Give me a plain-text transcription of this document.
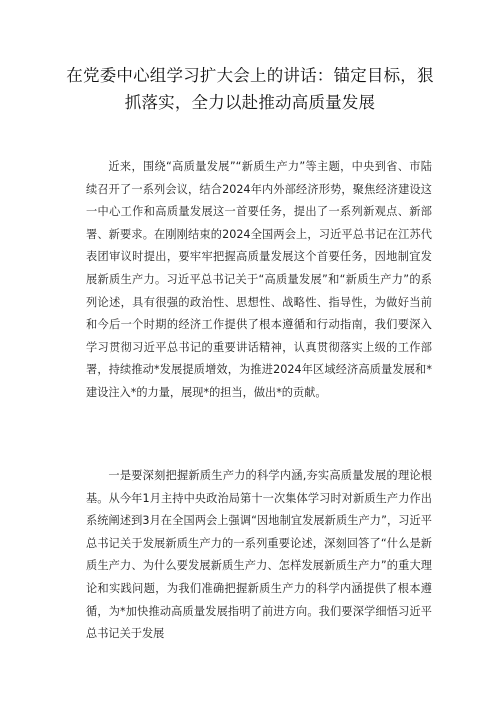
在党委中心组学习扩大会上的讲话：锚定目标，狠抓落实，全力以赴推动高质量发展

近来，围绕“高质量发展”“新质生产力”等主题，中央到省、市陆续召开了一系列会议，结合2024年内外部经济形势，聚焦经济建设这一中心工作和高质量发展这一首要任务，提出了一系列新观点、新部署、新要求。在刚刚结束的2024全国两会上，习近平总书记在江苏代表团审议时提出，要牢牢把握高质量发展这个首要任务，因地制宜发展新质生产力。习近平总书记关于“高质量发展”和“新质生产力”的系列论述，具有很强的政治性、思想性、战略性、指导性，为做好当前和今后一个时期的经济工作提供了根本遵循和行动指南，我们要深入学习贯彻习近平总书记的重要讲话精神，认真贯彻落实上级的工作部署，持续推动*发展提质增效，为推进2024年区域经济高质量发展和*建设注入*的力量，展现*的担当，做出*的贡献。

一是要深刻把握新质生产力的科学内涵,夯实高质量发展的理论根基。从今年1月主持中央政治局第十一次集体学习时对新质生产力作出系统阐述到3月在全国两会上强调“因地制宜发展新质生产力”，习近平总书记关于发展新质生产力的一系列重要论述，深刻回答了“什么是新质生产力、为什么要发展新质生产力、怎样发展新质生产力”的重大理论和实践问题，为我们准确把握新质生产力的科学内涵提供了根本遵循，为*加快推动高质量发展指明了前进方向。我们要深学细悟习近平总书记关于发展
